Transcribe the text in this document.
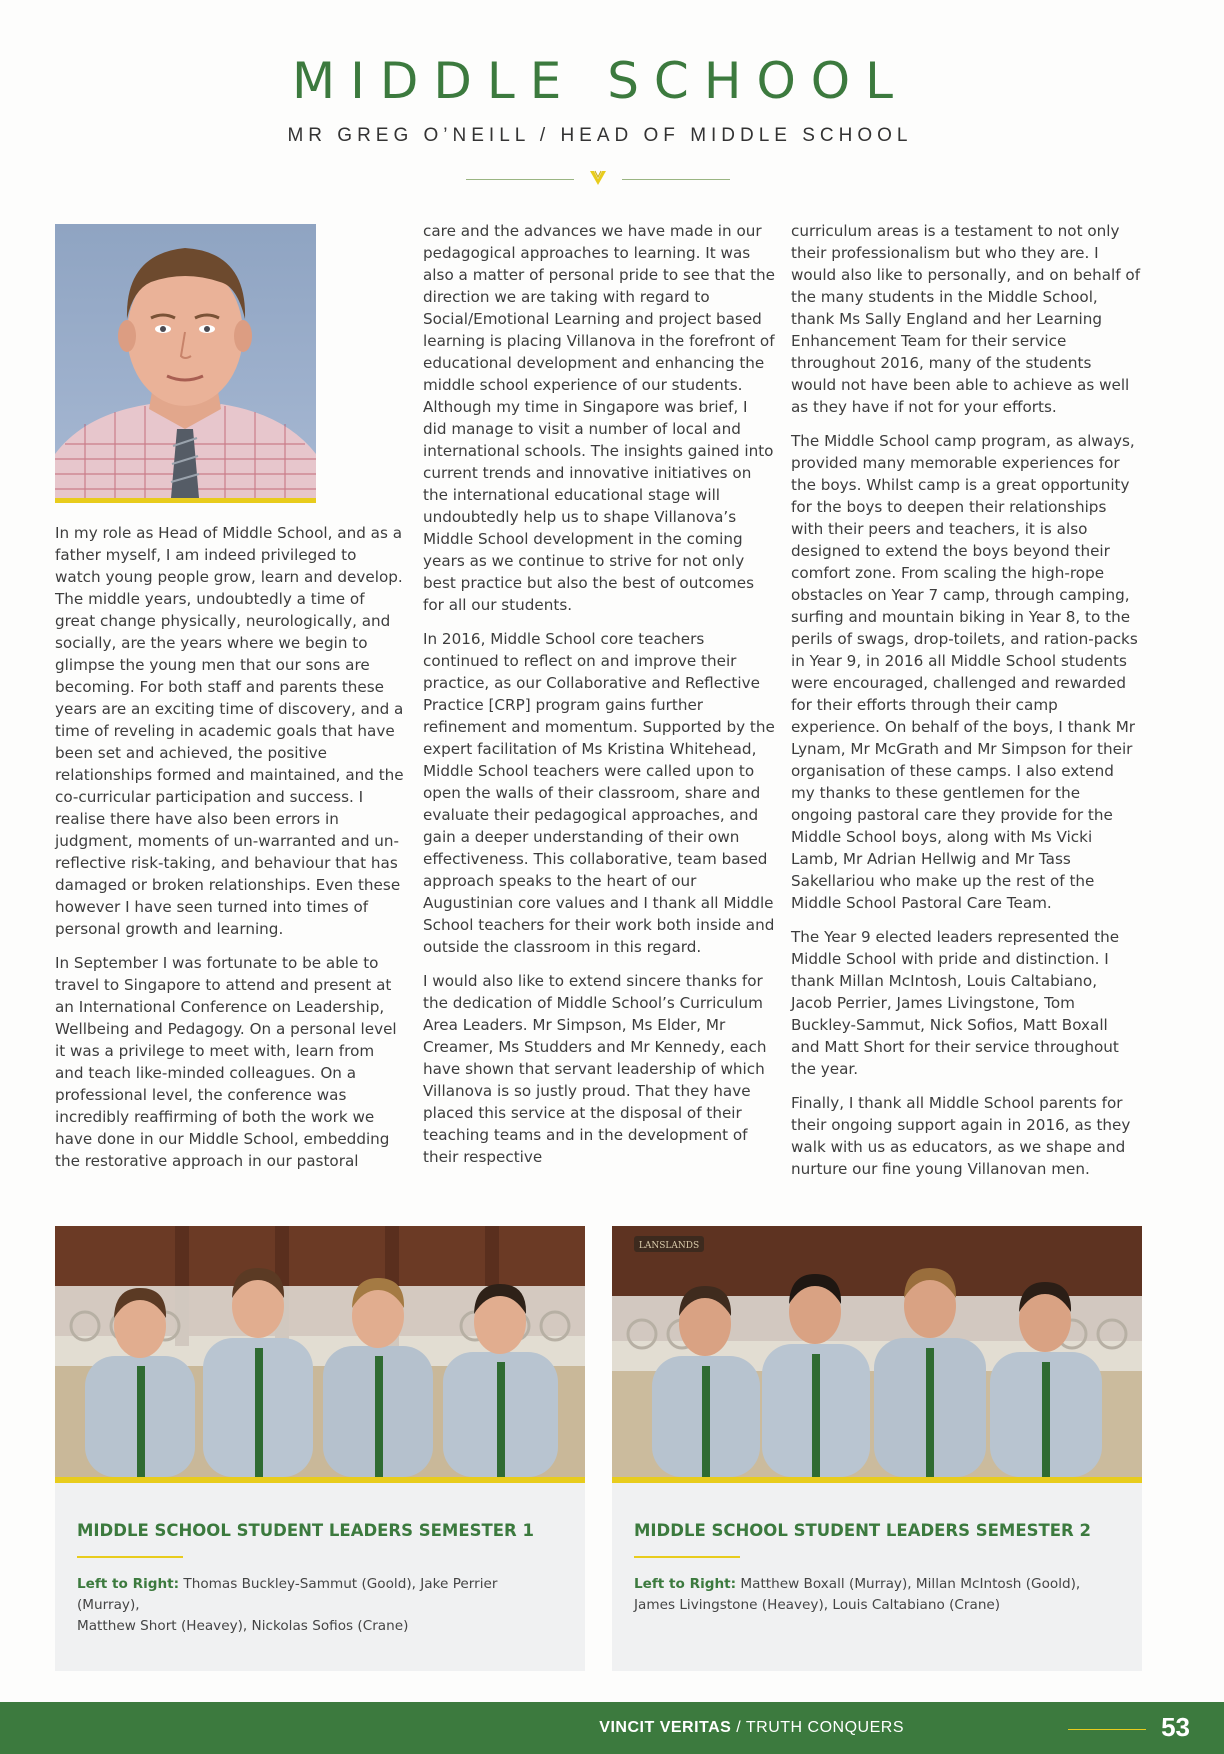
MIDDLE SCHOOL
MR GREG O’NEILL / HEAD OF MIDDLE SCHOOL

In my role as Head of Middle School, and as a father myself, I am indeed privileged to watch young people grow, learn and develop. The middle years, undoubtedly a time of great change physically, neurologically, and socially, are the years where we begin to glimpse the young men that our sons are becoming. For both staff and parents these years are an exciting time of discovery, and a time of reveling in academic goals that have been set and achieved, the positive relationships formed and maintained, and the co-curricular participation and success. I realise there have also been errors in judgment, moments of un-warranted and un-reflective risk-taking, and behaviour that has damaged or broken relationships. Even these however I have seen turned into times of personal growth and learning.

In September I was fortunate to be able to travel to Singapore to attend and present at an International Conference on Leadership, Wellbeing and Pedagogy. On a personal level it was a privilege to meet with, learn from and teach like-minded colleagues. On a professional level, the conference was incredibly reaffirming of both the work we have done in our Middle School, embedding the restorative approach in our pastoral

care and the advances we have made in our pedagogical approaches to learning. It was also a matter of personal pride to see that the direction we are taking with regard to Social/Emotional Learning and project based learning is placing Villanova in the forefront of educational development and enhancing the middle school experience of our students. Although my time in Singapore was brief, I did manage to visit a number of local and international schools. The insights gained into current trends and innovative initiatives on the international educational stage will undoubtedly help us to shape Villanova’s Middle School development in the coming years as we continue to strive for not only best practice but also the best of outcomes for all our students.

In 2016, Middle School core teachers continued to reflect on and improve their practice, as our Collaborative and Reflective Practice [CRP] program gains further refinement and momentum. Supported by the expert facilitation of Ms Kristina Whitehead, Middle School teachers were called upon to open the walls of their classroom, share and evaluate their pedagogical approaches, and gain a deeper understanding of their own effectiveness. This collaborative, team based approach speaks to the heart of our Augustinian core values and I thank all Middle School teachers for their work both inside and outside the classroom in this regard.

I would also like to extend sincere thanks for the dedication of Middle School’s Curriculum Area Leaders. Mr Simpson, Ms Elder, Mr Creamer, Ms Studders and Mr Kennedy, each have shown that servant leadership of which Villanova is so justly proud. That they have placed this service at the disposal of their teaching teams and in the development of their respective

curriculum areas is a testament to not only their professionalism but who they are. I would also like to personally, and on behalf of the many students in the Middle School, thank Ms Sally England and her Learning Enhancement Team for their service throughout 2016, many of the students would not have been able to achieve as well as they have if not for your efforts.

The Middle School camp program, as always, provided many memorable experiences for the boys. Whilst camp is a great opportunity for the boys to deepen their relationships with their peers and teachers, it is also designed to extend the boys beyond their comfort zone. From scaling the high-rope obstacles on Year 7 camp, through camping, surfing and mountain biking in Year 8, to the perils of swags, drop-toilets, and ration-packs in Year 9, in 2016 all Middle School students were encouraged, challenged and rewarded for their efforts through their camp experience. On behalf of the boys, I thank Mr Lynam, Mr McGrath and Mr Simpson for their organisation of these camps. I also extend my thanks to these gentlemen for the ongoing pastoral care they provide for the Middle School boys, along with Ms Vicki Lamb, Mr Adrian Hellwig and Mr Tass Sakellariou who make up the rest of the Middle School Pastoral Care Team.

The Year 9 elected leaders represented the Middle School with pride and distinction. I thank Millan McIntosh, Louis Caltabiano, Jacob Perrier, James Livingstone, Tom Buckley-Sammut, Nick Sofios, Matt Boxall and Matt Short for their service throughout the year.

Finally, I thank all Middle School parents for their ongoing support again in 2016, as they walk with us as educators, as we shape and nurture our fine young Villanovan men.

LANSLANDS
MIDDLE SCHOOL STUDENT LEADERS SEMESTER 1
Left to Right: Thomas Buckley-Sammut (Goold), Jake Perrier (Murray),
Matthew Short (Heavey), Nickolas Sofios (Crane)
MIDDLE SCHOOL STUDENT LEADERS SEMESTER 2
Left to Right: Matthew Boxall (Murray), Millan McIntosh (Goold),
James Livingstone (Heavey), Louis Caltabiano (Crane)
VINCIT VERITAS / TRUTH CONQUERS	53
